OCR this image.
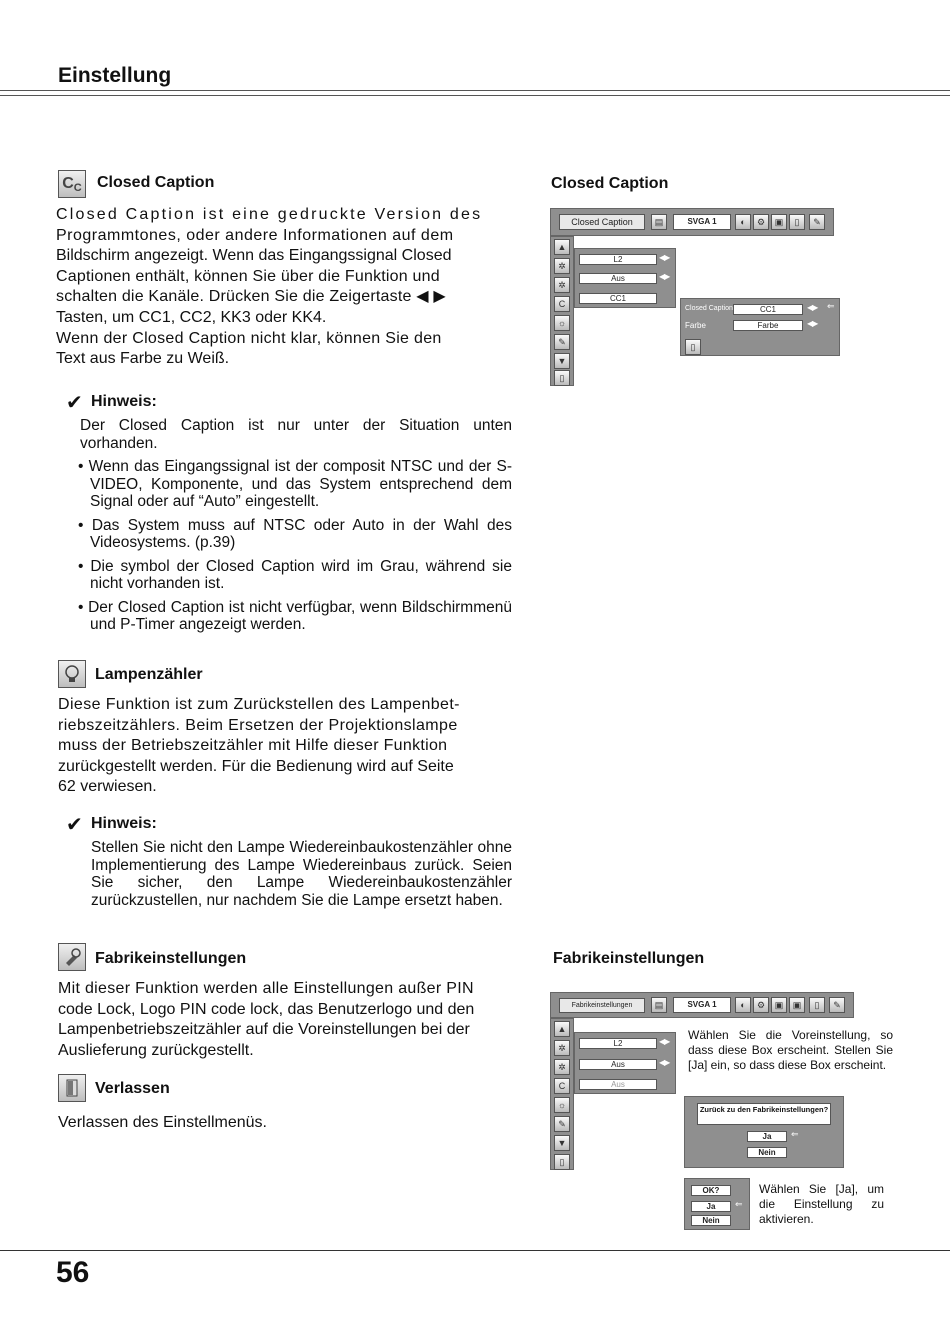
Einstellung
C C Closed Caption
Closed Caption ist eine gedruckte Version des
Programmtones, oder andere Informationen auf dem
Bildschirm angezeigt. Wenn das Eingangssignal Closed
Captionen enthält, können Sie über die Funktion und
schalten die Kanäle. Drücken Sie die Zeigertaste ◀ ▶
Tasten, um CC1, CC2, KK3 oder KK4.
Wenn der Closed Caption nicht klar, können Sie den
Text aus Farbe zu Weiß.
✔ Hinweis:
Der Closed Caption ist nur unter der Situation unten vorhanden.
• Wenn das Eingangssignal ist der composit NTSC und der S-VIDEO, Komponente, und das System entsprechend dem Signal oder auf “Auto” eingestellt.
• Das System muss auf NTSC oder Auto in der Wahl des Videosystems. (p.39)
• Die symbol der Closed Caption wird im Grau, während sie nicht vorhanden ist.
• Der Closed Caption ist nicht verfügbar, wenn Bildschirmmenü und P-Timer angezeigt werden.
Lampenzähler
Diese Funktion ist zum Zurückstellen des Lampenbet-
riebszeitzählers. Beim Ersetzen der Projektionslampe
muss der Betriebszeitzähler mit Hilfe dieser Funktion
zurückgestellt werden. Für die Bedienung wird auf Seite
62 verwiesen.
✔ Hinweis:
Stellen Sie nicht den Lampe Wiedereinbaukostenzähler ohne Implementierung des Lampe Wiedereinbaus zurück. Seien Sie sicher, den Lampe Wiedereinbaukostenzähler zurückzustellen, nur nachdem Sie die Lampe ersetzt haben.
Fabrikeinstellungen
Mit dieser Funktion werden alle Einstellungen außer PIN
code Lock, Logo PIN code lock, das Benutzerlogo und den
Lampenbetriebszeitzähler auf die Voreinstellungen bei der
Auslieferung zurückgestellt.
Verlassen
Verlassen des Einstellmenüs.
Closed Caption
Closed Caption	▤	SVGA 1	◐	⚙	▣	▯	✎
▲
✲
✲
C
☼
✎
▼
▯
L2	◀▶
Aus	◀▶
CC1
Closed Caption	CC1	◀▶ ⇐
Farbe	Farbe	◀▶
▯
Fabrikeinstellungen
Fabrikeinstellungen	▤	SVGA 1	◐	⚙	▣	▣	▯	✎
▲
✲
✲
C
☼
✎
▼
▯
L2	◀▶
Aus	◀▶
Aus
Wählen Sie die Voreinstellung, so dass diese Box erscheint. Stellen Sie [Ja] ein, so dass diese Box erscheint.
Zurück zu den Fabrikeinstellungen?
Ja	⇐
Nein
OK?
Ja	⇐
Nein
Wählen Sie [Ja], um die Einstellung zu aktivieren.
56
